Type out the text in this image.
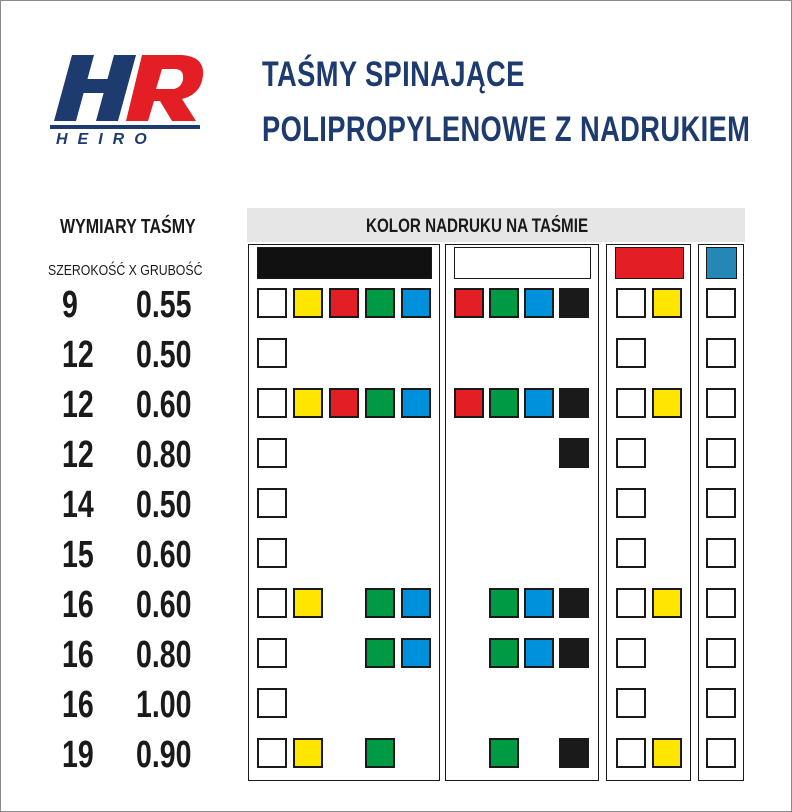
HEIRO
TAŚMY SPINAJĄCE
POLIPROPYLENOWE Z NADRUKIEM
WYMIARY TAŚMY
SZEROKOŚĆ X GRUBOŚĆ
KOLOR NADRUKU NA TAŚMIE
9 0.55
12 0.50
12 0.60
12 0.80
14 0.50
15 0.60
16 0.60
16 0.80
16 1.00
19 0.90
